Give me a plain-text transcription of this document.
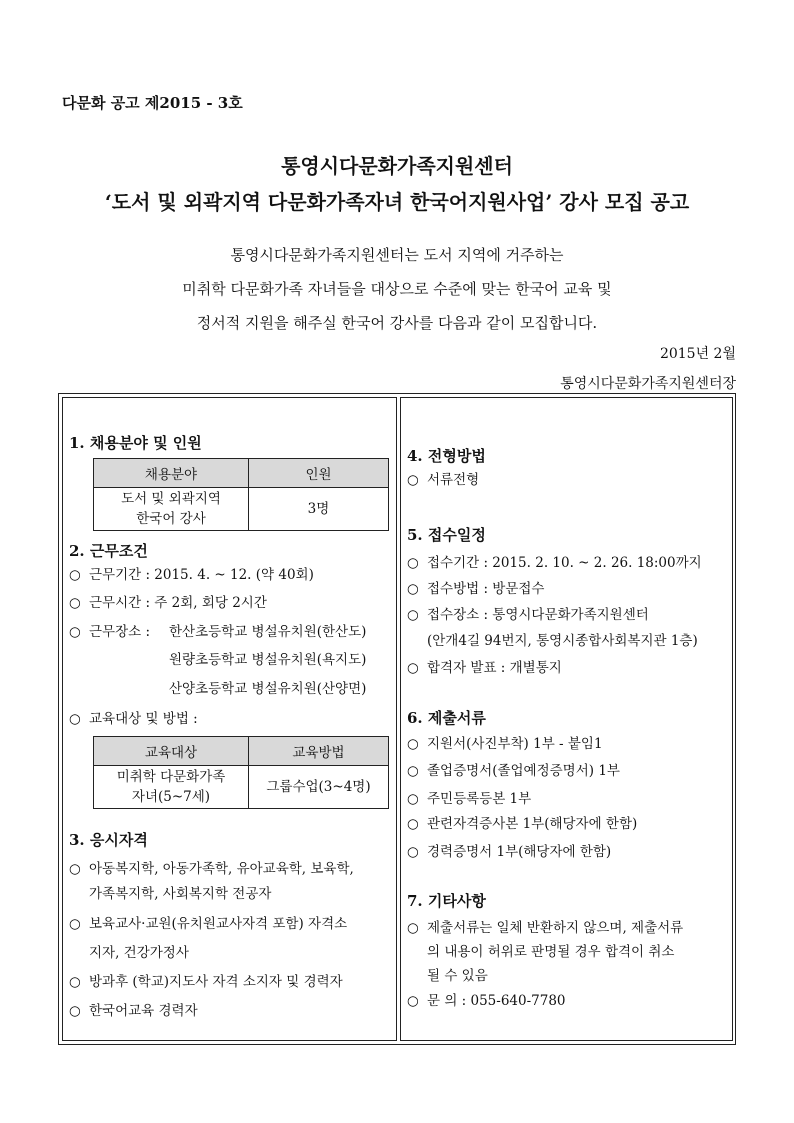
다문화 공고 제2015 - 3호
통영시다문화가족지원센터
‘도서 및 외곽지역 다문화가족자녀 한국어지원사업’ 강사 모집 공고
통영시다문화가족지원센터는 도서 지역에 거주하는
미취학 다문화가족 자녀들을 대상으로 수준에 맞는 한국어 교육 및
정서적 지원을 해주실 한국어 강사를 다음과 같이 모집합니다.
2015년 2월
통영시다문화가족지원센터장
1. 채용분야 및 인원
채용분야	인원

도서 및 외곽지역
한국어 강사	3명
2. 근무조건
○ 근무기간 : 2015. 4. ~ 12. (약 40회)
○ 근무시간 : 주 2회, 회당 2시간
○ 근무장소 : 한산초등학교 병설유치원(한산도)
원량초등학교 병설유치원(욕지도)
산양초등학교 병설유치원(산양면)
○ 교육대상 및 방법 :
교육대상	교육방법

미취학 다문화가족
자녀(5~7세)	그룹수업(3~4명)
3. 응시자격
○ 아동복지학, 아동가족학, 유아교육학, 보육학,
가족복지학, 사회복지학 전공자
○ 보육교사·교원(유치원교사자격 포함) 자격소
지자, 건강가정사
○ 방과후 (학교)지도사 자격 소지자 및 경력자
○ 한국어교육 경력자
4. 전형방법
○ 서류전형
5. 접수일정
○ 접수기간 : 2015. 2. 10. ~ 2. 26. 18:00까지
○ 접수방법 : 방문접수
○ 접수장소 : 통영시다문화가족지원센터
(안개4길 94번지, 통영시종합사회복지관 1층)
○ 합격자 발표 : 개별통지
6. 제출서류
○ 지원서(사진부착) 1부 - 붙임1
○ 졸업증명서(졸업예정증명서) 1부
○ 주민등록등본 1부
○ 관련자격증사본 1부(해당자에 한함)
○ 경력증명서 1부(해당자에 한함)
7. 기타사항
○ 제출서류는 일체 반환하지 않으며, 제출서류
의 내용이 허위로 판명될 경우 합격이 취소
될 수 있음
○ 문 의 : 055-640-7780
